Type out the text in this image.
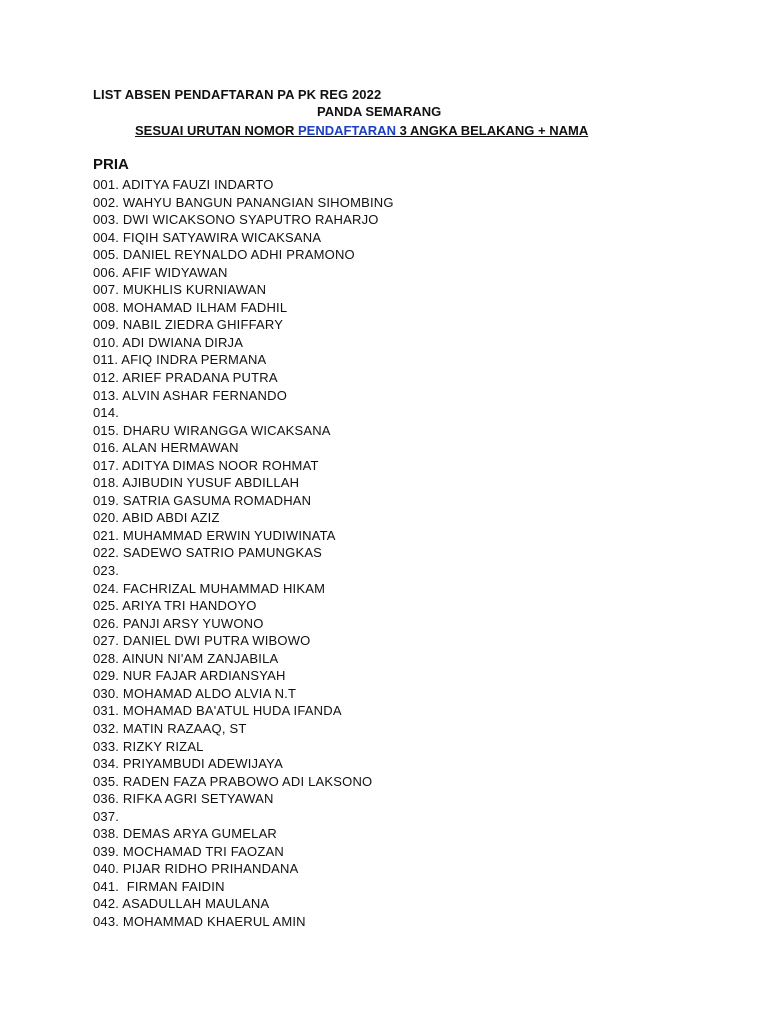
LIST ABSEN PENDAFTARAN PA PK REG 2022
PANDA SEMARANG
SESUAI URUTAN NOMOR PENDAFTARAN 3 ANGKA BELAKANG + NAMA
PRIA
001. ADITYA FAUZI INDARTO
002. WAHYU BANGUN PANANGIAN SIHOMBING
003. DWI WICAKSONO SYAPUTRO RAHARJO
004. FIQIH SATYAWIRA WICAKSANA
005. DANIEL REYNALDO ADHI PRAMONO
006. AFIF WIDYAWAN
007. MUKHLIS KURNIAWAN
008. MOHAMAD ILHAM FADHIL
009. NABIL ZIEDRA GHIFFARY
010. ADI DWIANA DIRJA
011. AFIQ INDRA PERMANA
012. ARIEF PRADANA PUTRA
013. ALVIN ASHAR FERNANDO
014.
015. DHARU WIRANGGA WICAKSANA
016. ALAN HERMAWAN
017. ADITYA DIMAS NOOR ROHMAT
018. AJIBUDIN YUSUF ABDILLAH
019. SATRIA GASUMA ROMADHAN
020. ABID ABDI AZIZ
021. MUHAMMAD ERWIN YUDIWINATA
022. SADEWO SATRIO PAMUNGKAS
023.
024. FACHRIZAL MUHAMMAD HIKAM
025. ARIYA TRI HANDOYO
026. PANJI ARSY YUWONO
027. DANIEL DWI PUTRA WIBOWO
028. AINUN NI'AM ZANJABILA
029. NUR FAJAR ARDIANSYAH
030. MOHAMAD ALDO ALVIA N.T
031. MOHAMAD BA'ATUL HUDA IFANDA
032. MATIN RAZAAQ, ST
033. RIZKY RIZAL
034. PRIYAMBUDI ADEWIJAYA
035. RADEN FAZA PRABOWO ADI LAKSONO
036. RIFKA AGRI SETYAWAN
037.
038. DEMAS ARYA GUMELAR
039. MOCHAMAD TRI FAOZAN
040. PIJAR RIDHO PRIHANDANA
041.  FIRMAN FAIDIN
042. ASADULLAH MAULANA
043. MOHAMMAD KHAERUL AMIN
